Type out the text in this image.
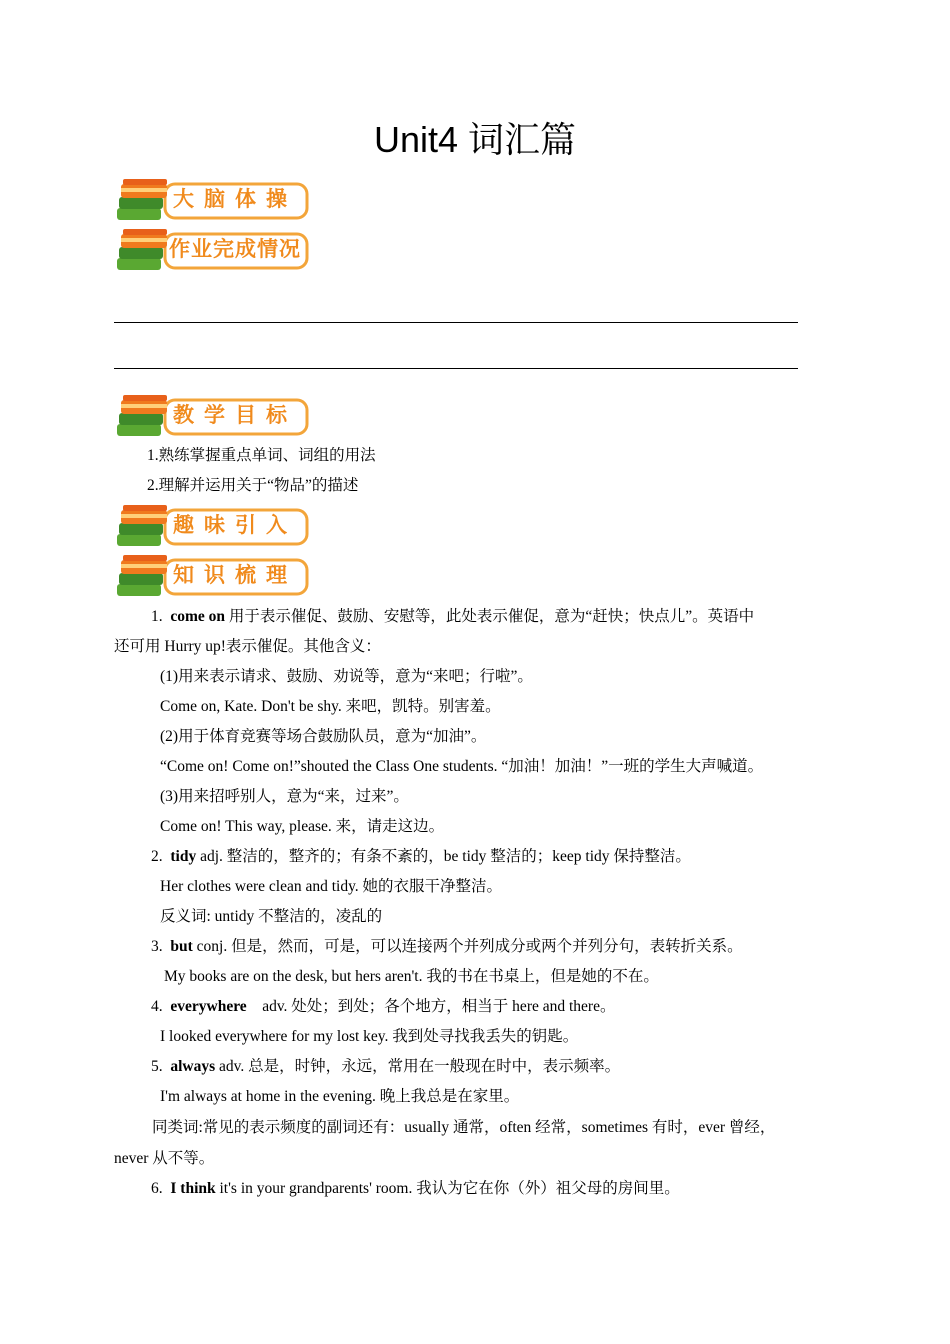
Unit4 词汇篇
大脑体操
作业完成情况
教学目标
1.熟练掌握重点单词、词组的用法
2.理解并运用关于“物品”的描述
趣味引入
知识梳理
1. come on 用于表示催促、鼓励、安慰等，此处表示催促，意为“赶快；快点儿”。英语中
还可用 Hurry up!表示催促。其他含义：
(1)用来表示请求、鼓励、劝说等，意为“来吧；行啦”。
Come on, Kate. Don't be shy. 来吧，凯特。别害羞。
(2)用于体育竞赛等场合鼓励队员，意为“加油”。
“Come on! Come on!”shouted the Class One students. “加油！加油！”一班的学生大声喊道。
(3)用来招呼别人，意为“来，过来”。
Come on! This way, please. 来，请走这边。
2. tidy adj. 整洁的，整齐的；有条不紊的，be tidy 整洁的；keep tidy 保持整洁。
Her clothes were clean and tidy. 她的衣服干净整洁。
反义词: untidy 不整洁的，凌乱的
3. but conj. 但是，然而，可是，可以连接两个并列成分或两个并列分句，表转折关系。
My books are on the desk, but hers aren't. 我的书在书桌上，但是她的不在。
4. everywhere adv. 处处；到处；各个地方，相当于 here and there。
I looked everywhere for my lost key. 我到处寻找我丢失的钥匙。
5. always adv. 总是，时钟，永远，常用在一般现在时中，表示频率。
I'm always at home in the evening. 晚上我总是在家里。
同类词:常见的表示频度的副词还有：usually 通常，often 经常，sometimes 有时，ever 曾经，
never 从不等。
6. I think it's in your grandparents' room. 我认为它在你（外）祖父母的房间里。
